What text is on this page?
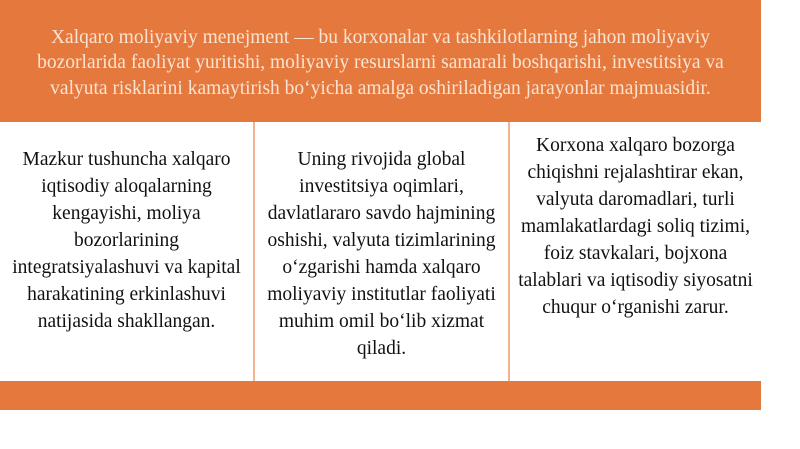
Xalqaro moliyaviy menejment — bu korxonalar va tashkilotlarning jahon moliyaviy bozorlarida faoliyat yuritishi, moliyaviy resurslarni samarali boshqarishi, investitsiya va valyuta risklarini kamaytirish boʻyicha amalga oshiriladigan jarayonlar majmuasidir.

Mazkur tushuncha xalqaro iqtisodiy aloqalarning kengayishi, moliya bozorlarining integratsiyalashuvi va kapital harakatining erkinlashuvi natijasida shakllangan.

Uning rivojida global investitsiya oqimlari, davlatlararo savdo hajmining oshishi, valyuta tizimlarining oʻzgarishi hamda xalqaro moliyaviy institutlar faoliyati muhim omil boʻlib xizmat qiladi.

Korxona xalqaro bozorga chiqishni rejalashtirar ekan, valyuta daromadlari, turli mamlakatlardagi soliq tizimi, foiz stavkalari, bojxona talablari va iqtisodiy siyosatni chuqur oʻrganishi zarur.
